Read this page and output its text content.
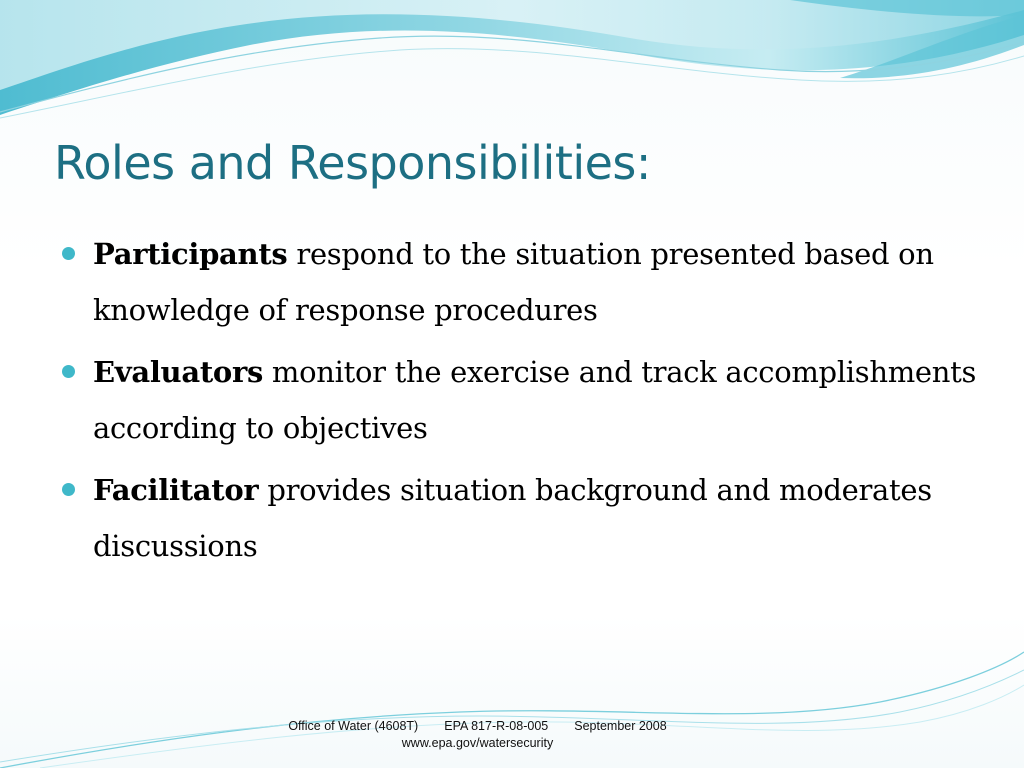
Roles and Responsibilities:
Participants respond to the situation presented based on knowledge of response procedures
Evaluators monitor the exercise and track accomplishments according to objectives
Facilitator provides situation background and moderates discussions
Office of Water (4608T) EPA 817-R-08-005 September 2008
www.epa.gov/watersecurity
